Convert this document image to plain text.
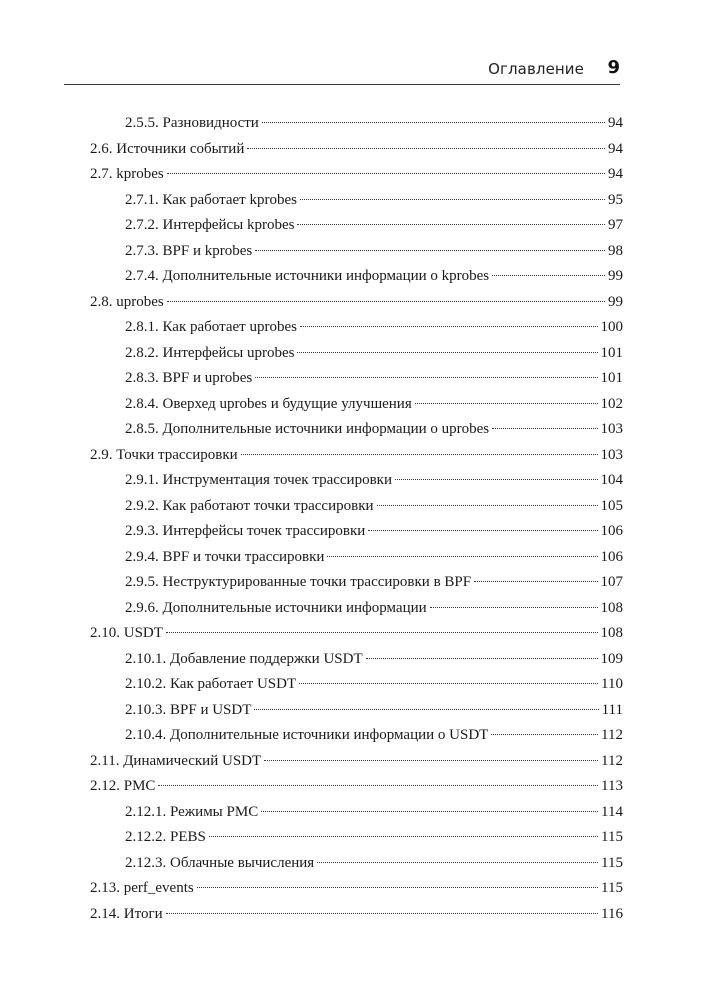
Оглавление 9
2.5.5. Разновидности	94
2.6. Источники событий	94
2.7. kprobes	94
2.7.1. Как работает kprobes	95
2.7.2. Интерфейсы kprobes	97
2.7.3. BPF и kprobes	98
2.7.4. Дополнительные источники информации о kprobes	99
2.8. uprobes	99
2.8.1. Как работает uprobes	100
2.8.2. Интерфейсы uprobes	101
2.8.3. BPF и uprobes	101
2.8.4. Оверхед uprobes и будущие улучшения	102
2.8.5. Дополнительные источники информации о uprobes	103
2.9. Точки трассировки	103
2.9.1. Инструментация точек трассировки	104
2.9.2. Как работают точки трассировки	105
2.9.3. Интерфейсы точек трассировки	106
2.9.4. BPF и точки трассировки	106
2.9.5. Неструктурированные точки трассировки в BPF	107
2.9.6. Дополнительные источники информации	108
2.10. USDT	108
2.10.1. Добавление поддержки USDT	109
2.10.2. Как работает USDT	110
2.10.3. BPF и USDT	111
2.10.4. Дополнительные источники информации о USDT	112
2.11. Динамический USDT	112
2.12. PMC	113
2.12.1. Режимы PMC	114
2.12.2. PEBS	115
2.12.3. Облачные вычисления	115
2.13. perf_events	115
2.14. Итоги	116
